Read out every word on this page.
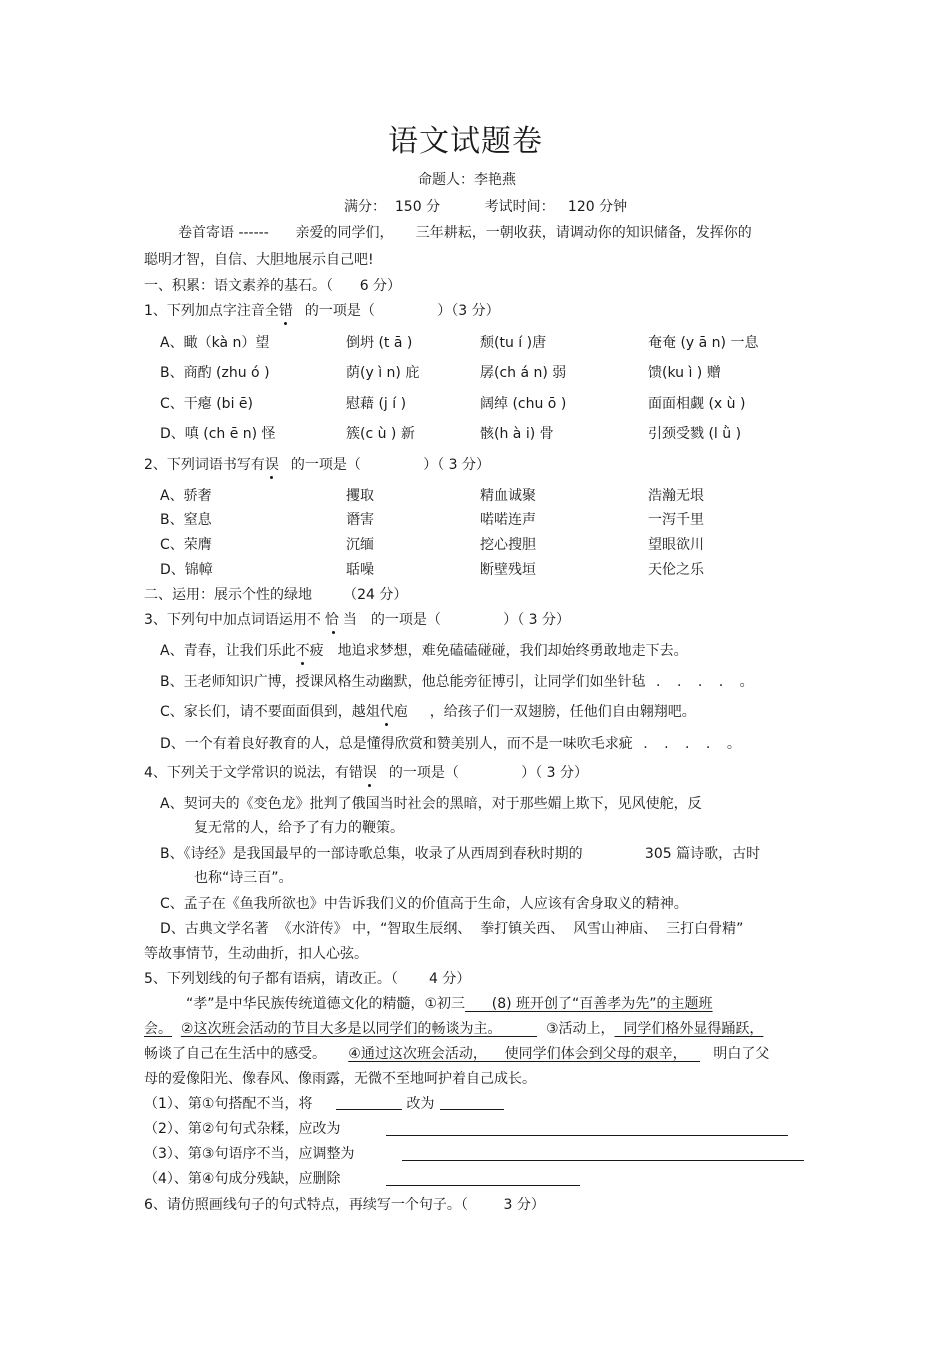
语文试题卷
命题人：李艳燕
满分：  150 分          考试时间：   120 分钟
卷首寄语 ------      亲爱的同学们，     三年耕耘，一朝收获，请调动你的知识储备，发挥你的
聪明才智，自信、大胆地展示自己吧!
一、积累：语文素养的基石。（      6 分）
1、下列加点字注音全错 的一项是（              ）（3 分）
A、瞰（kà n）望	倒坍 (t ā )	颓(tu í )唐	奄奄 (y ā n) 一息
B、商酌 (zhu ó )	荫(y ì n) 庇	孱(ch á n) 弱	馈(ku ì ) 赠
C、干瘪 (bi ē)	慰藉 (j í )	阔绰 (chu ō )	面面相觑 (x ù )
D、嗔 (ch ē n) 怪	簇(c ù ) 新	骸(h à i) 骨	引颈受戮 (l ǜ )
2、下列词语书写有误 的一项是（              ）（ 3 分）
A、骄奢	攫取	精血诚聚	浩瀚无垠
B、窒息	谮害	喏喏连声	一泻千里
C、荣膺	沉缅	挖心搜胆	望眼欲川
D、锦幛	聒噪	断壁残垣	天伦之乐
二、运用：展示个性的绿地       （24 分）
3、下列句中加点词语运用不恰当 的一项是（              ）（ 3 分）
A、青春，让我们乐此不疲 地追求梦想，难免磕磕碰碰，我们却始终勇敢地走下去。
B、王老师知识广博，授课风格生动幽默，他总能旁征博引，让同学们如坐针毡 . . . . 。
C、家长们，请不要面面俱到，越俎代庖 ，给孩子们一双翅膀，任他们自由翱翔吧。
D、一个有着良好教育的人，总是懂得欣赏和赞美别人，而不是一味吹毛求疵 . . . . 。
4、下列关于文学常识的说法，有错误 的一项是（              ）（ 3 分）
A、契诃夫的《变色龙》批判了俄国当时社会的黑暗，对于那些媚上欺下，见风使舵，反
复无常的人，给予了有力的鞭策。
B、《诗经》是我国最早的一部诗歌总集，收录了从西周到春秋时期的              305 篇诗歌，古时
也称“诗三百”。
C、孟子在《鱼我所欲也》中告诉我们义的价值高于生命，人应该有舍身取义的精神。
D、古典文学名著  《水浒传》 中，“智取生辰纲、  拳打镇关西、  风雪山神庙、  三打白骨精”
等故事情节，生动曲折，扣人心弦。
5、下列划线的句子都有语病，请改正。（       4 分）
“孝”是中华民族传统道德文化的精髓，①初三      (8) 班开创了“百善孝为先”的主题班
会。 ②这次班会活动的节目大多是以同学们的畅谈为主。          ③活动上，  同学们格外显得踊跃，
畅谈了自己在生活中的感受。     ④通过这次班会活动，    使同学们体会到父母的艰辛，      明白了父
母的爱像阳光、像春风、像雨露，无微不至地呵护着自己成长。
（1）、第①句搭配不当，将	改为
（2）、第②句句式杂糅，应改为
（3）、第③句语序不当，应调整为
（4）、第④句成分残缺，应删除
6、请仿照画线句子的句式特点，再续写一个句子。（        3 分）
